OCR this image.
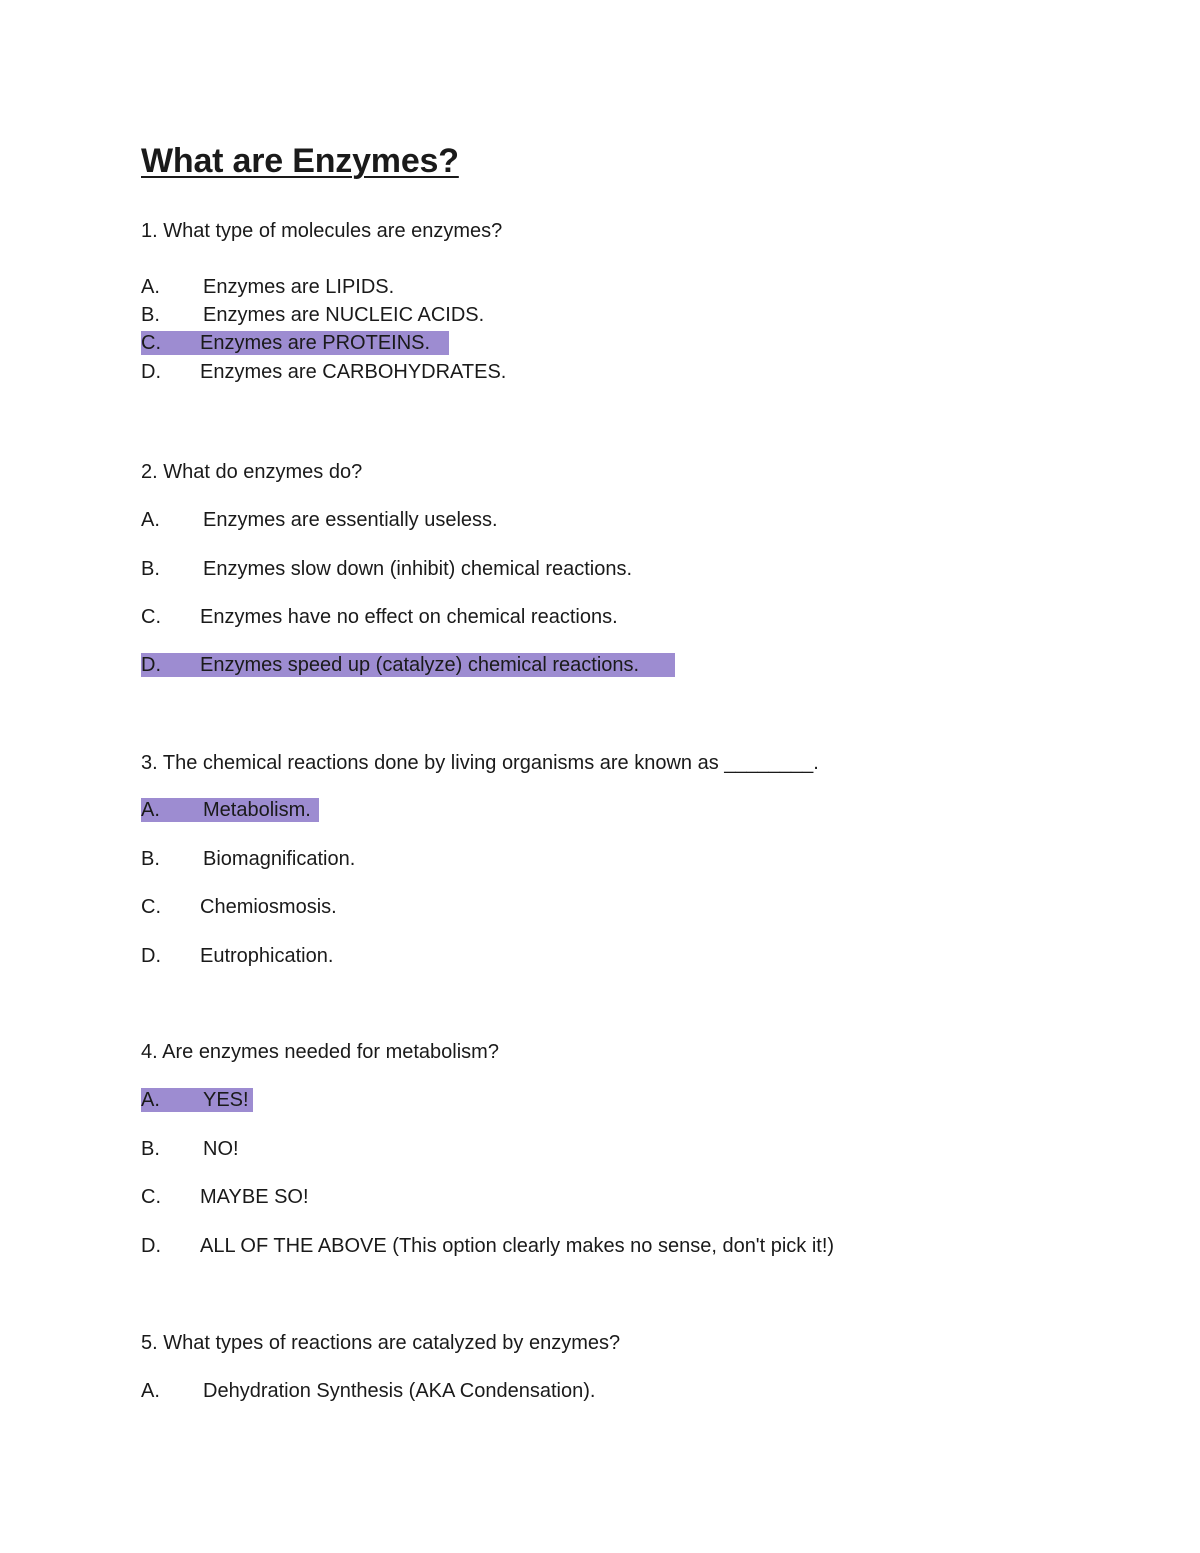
What are Enzymes?
1. What type of molecules are enzymes?
A. Enzymes are LIPIDS.
B. Enzymes are NUCLEIC ACIDS.
C. Enzymes are PROTEINS.
D. Enzymes are CARBOHYDRATES.
2. What do enzymes do?
A. Enzymes are essentially useless.
B. Enzymes slow down (inhibit) chemical reactions.
C. Enzymes have no effect on chemical reactions.
D. Enzymes speed up (catalyze) chemical reactions.
3. The chemical reactions done by living organisms are known as ________.
A. Metabolism.
B. Biomagnification.
C. Chemiosmosis.
D. Eutrophication.
4. Are enzymes needed for metabolism?
A. YES!
B. NO!
C. MAYBE SO!
D. ALL OF THE ABOVE (This option clearly makes no sense, don't pick it!)
5. What types of reactions are catalyzed by enzymes?
A. Dehydration Synthesis (AKA Condensation).
